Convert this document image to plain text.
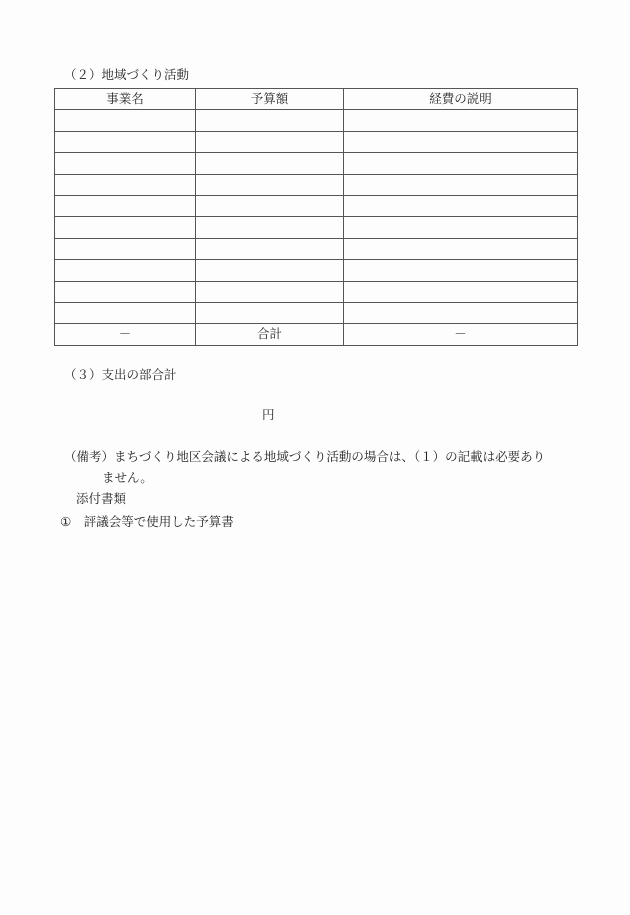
（２）地域づくり活動
事業名	予算額	経費の説明

－	合計	－
（３）支出の部合計
円
（備考）まちづくり地区会議による地域づくり活動の場合は、（１）の記載は必要あり
ません。
添付書類
①　評議会等で使用した予算書
